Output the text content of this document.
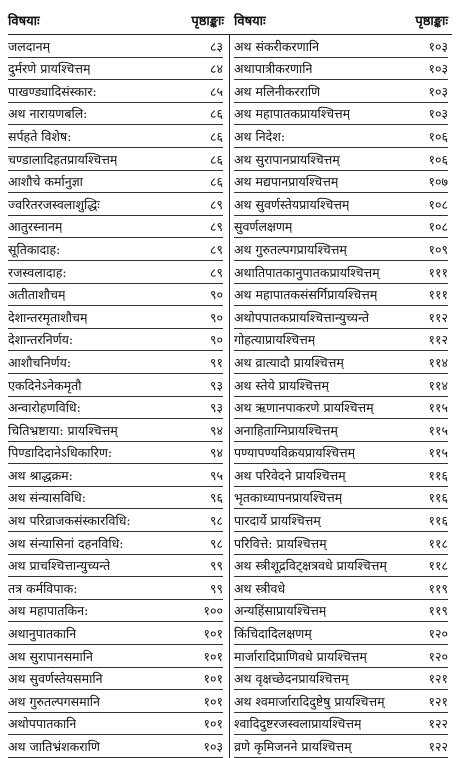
विषयाः	पृष्ठाङ्काः विषयाः	पृष्ठाङ्काः
जलदानम्	८३
दुर्मरणे प्रायश्चित्तम्	८४
पाखण्ड्यादिसंस्कार:	८५
अथ नारायणबलि:	८६
सर्पहते विशेष:	८६
चण्डालादिहतप्रायश्चित्तम्	८६
आशौचे कर्मानुज्ञा	८६
ज्वरितरजस्वलाशुद्धिः	८९
आतुरस्नानम्	८९
सूतिकादाह:	८९
रजस्वलादाह:	८९
अतीताशौचम्	९०
देशान्तरमृताशौचम्	९०
देशान्तरनिर्णय:	९०
आशौचनिर्णय:	९१
एकदिनेऽनेकमृतौ	९३
अन्वारोहणविधि:	९३
चितिभ्रष्टाया: प्रायश्चित्तम्	९४
पिण्डादिदानेऽधिकारिण:	९४
अथ श्राद्धक्रम:	९५
अथ संन्यासविधि:	९६
अथ परिव्राजकसंस्कारविधि:	९८
अथ संन्यासिनां दहनविधि:	९८
अथ प्राचश्चित्तान्युच्यन्ते	९९
तत्र कर्मविपाक:	९९
अथ महापातकिन:	१००
अथानुपातकानि	१०१
अथ सुरापानसमानि	१०१
अथ सुवर्णस्तेयसमानि	१०१
अथ गुरुतल्पगसमानि	१०१
अथोपपातकानि	१०१
अथ जातिभ्रंशकराणि	१०३
अथ संकरीकरणानि	१०३
अथापात्रीकरणानि	१०३
अथ मलिनीकरराणि	१०३
अथ महापातकप्रायश्चित्तम्	१०३
अथ निदेश:	१०६
अथ सुरापानप्रायश्चित्तम्	१०६
अथ मद्यपानप्रायश्चित्तम्	१०७
अथ सुवर्णस्तेयप्रायश्चित्तम्	१०८
सुवर्णलक्षणम्	१०८
अथ गुरुतल्पगप्रायश्चित्तम्	१०९
अथातिपातकानुपातकप्रायश्चित्तम्	१११
अथ महापातकसंसर्गिप्रायश्चित्तम्	१११
अथोपपातकप्रायश्चित्तान्युच्यन्ते	११२
गोहत्याप्रायश्चित्तम्	११२
अथ व्रात्यादौ प्रायश्चित्तम्	११४
अथ स्तेये प्रायश्चित्तम्	११४
अथ ऋणानपाकरणे प्रायश्चित्तम्	११५
अनाहिताग्निप्रायश्चित्तम्	११५
पण्यापण्यविक्रयप्रायश्चित्तम्	११५
अथ परिवेदने प्रायश्चित्तम्	११६
भृतकाध्यापनप्रायश्चित्तम्	११६
पारदार्ये प्रायश्चित्तम्	११६
परिवित्ते: प्रायश्चित्तम्	११८
अथ स्त्रीशूद्रविट्क्षत्रवधे प्रायश्चित्तम्	११८
अथ स्त्रीवधे	११९
अन्यहिंसाप्रायश्चित्तम्	११९
किंचिदादिलक्षणम्	१२०
मार्जारादिप्राणिवधे प्रायश्चित्तम्	१२०
अथ वृक्षच्छेदनप्रायश्चित्तम्	१२१
अथ श्वमार्जारादिदुष्टेषु प्रायश्चित्तम्	१२१
श्वादिदुष्टरजस्वलाप्रायश्चित्तम्	१२२
व्रणे कृमिजनने प्रायश्चित्तम्	१२२
